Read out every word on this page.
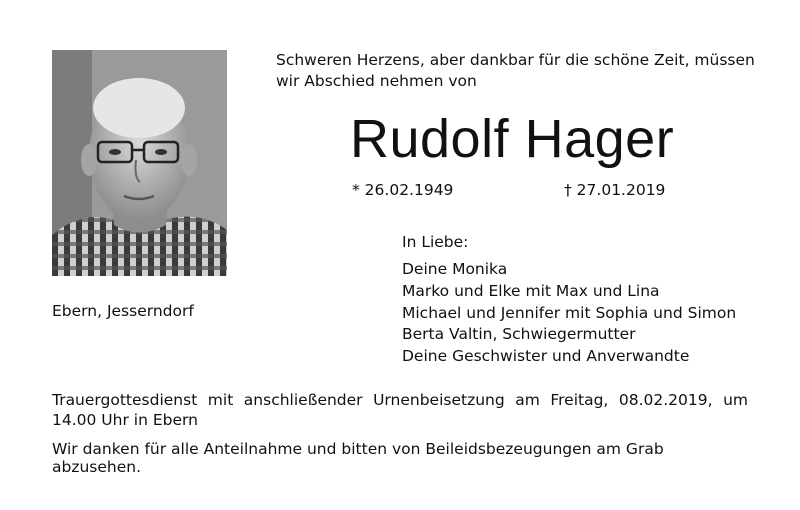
Ebern, Jesserndorf
Schweren Herzens, aber dankbar für die schöne Zeit, müssen
wir Abschied nehmen von
Rudolf Hager
* 26.02.1949	† 27.01.2019
In Liebe:
Deine Monika
Marko und Elke mit Max und Lina
Michael und Jennifer mit Sophia und Simon
Berta Valtin, Schwiegermutter
Deine Geschwister und Anverwandte
Trauergottesdienst mit anschließender Urnenbeisetzung am Freitag, 08.02.2019, um
14.00 Uhr in Ebern
Wir danken für alle Anteilnahme und bitten von Beileidsbezeugungen am Grab abzusehen.
